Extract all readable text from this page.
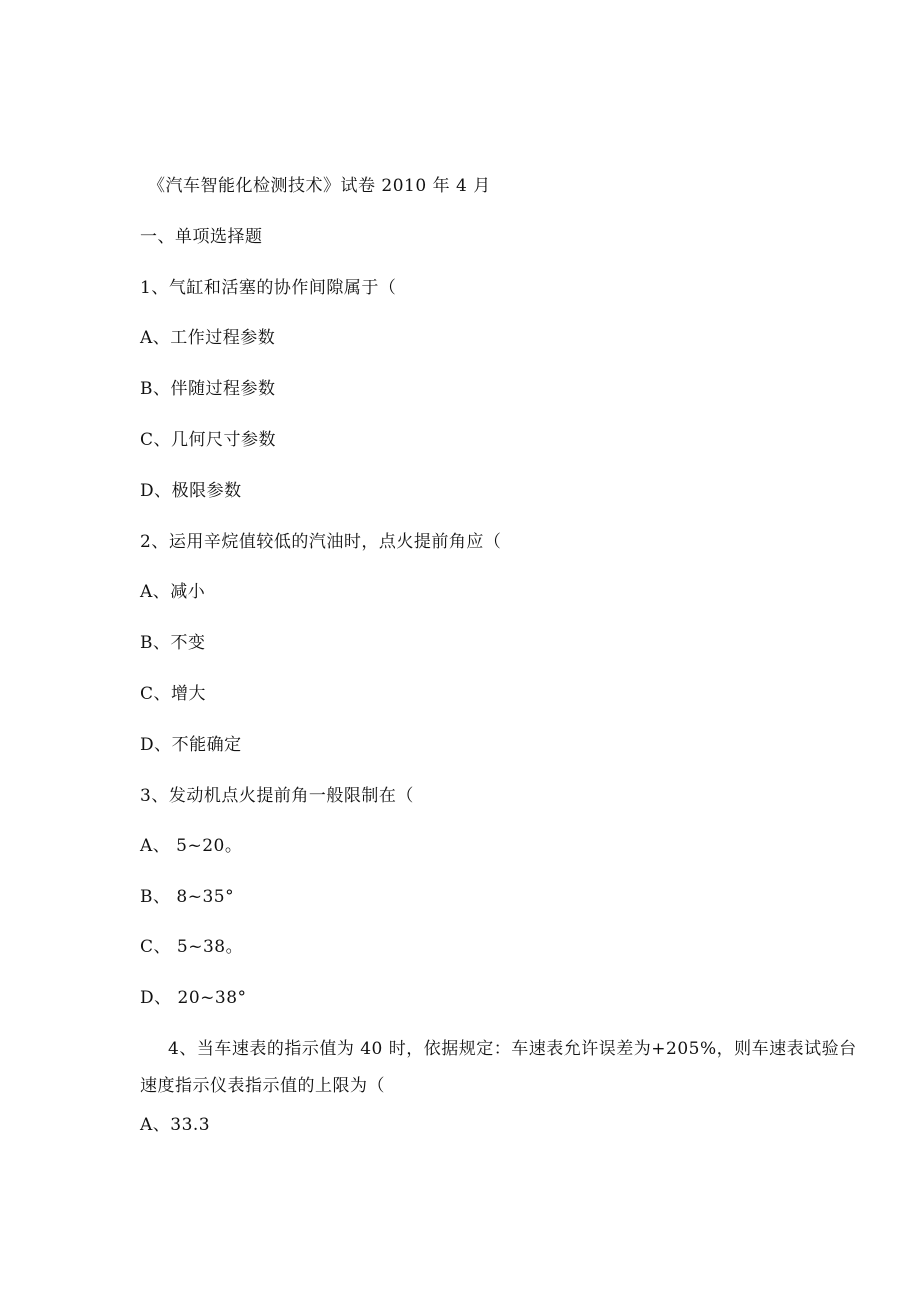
《汽车智能化检测技术》试卷 2010 年 4 月
一、单项选择题
1、气缸和活塞的协作间隙属于（
A、工作过程参数
B、伴随过程参数
C、几何尺寸参数
D、极限参数
2、运用辛烷值较低的汽油时，点火提前角应（
A、减小
B、不变
C、增大
D、不能确定
3、发动机点火提前角一般限制在（
A、 5~20。
B、 8~35°
C、 5~38。
D、 20~38°
4、当车速表的指示值为 40 时，依据规定：车速表允许误差为+205%，则车速表试验台
速度指示仪表指示值的上限为（
A、33.3
